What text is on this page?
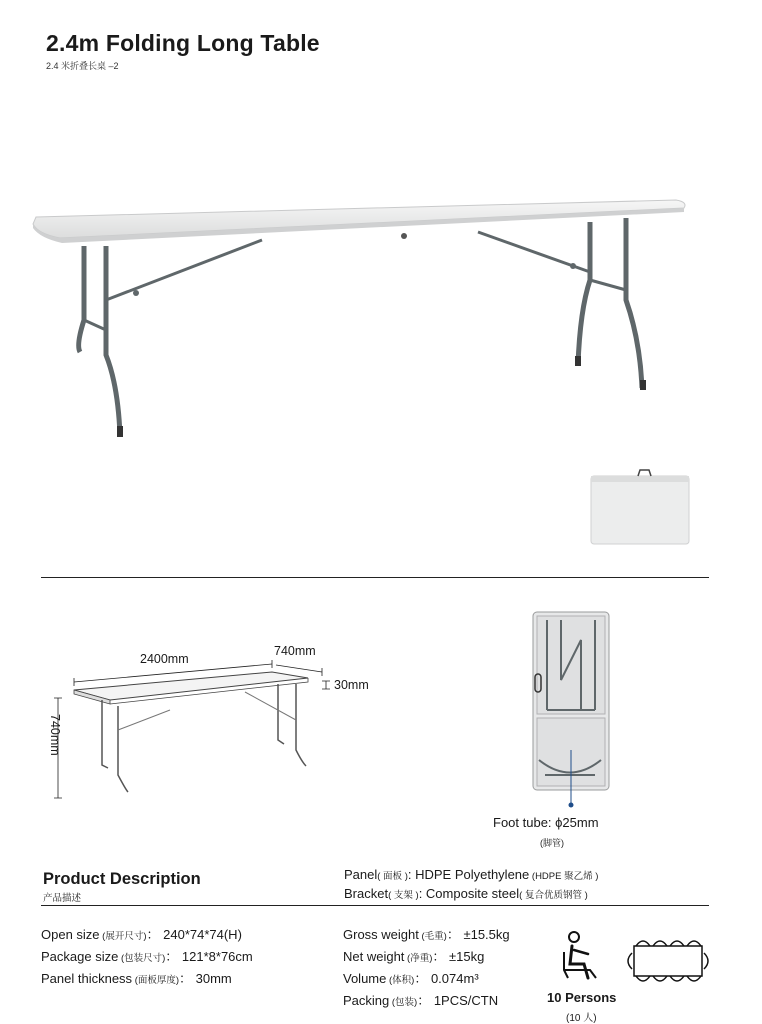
2.4m Folding Long Table
2.4 米折叠长桌 –2
2400mm
740mm
30mm
740mm
Foot tube: ϕ25mm
(脚管)
Product Description
产品描述
Panel( 面板 ): HDPE Polyethylene (HDPE 聚乙烯 )
Bracket( 支架 ): Composite steel( 复合优质钢管 )
Open size (展开尺寸)： 240*74*74(H)
Package size (包装尺寸)： 121*8*76cm
Panel thickness (面板厚度)： 30mm
Gross weight (毛重)： ±15.5kg
Net weight (净重)： ±15kg
Volume (体积)： 0.074m³
Packing (包装)： 1PCS/CTN	10 Persons
(10 人)
